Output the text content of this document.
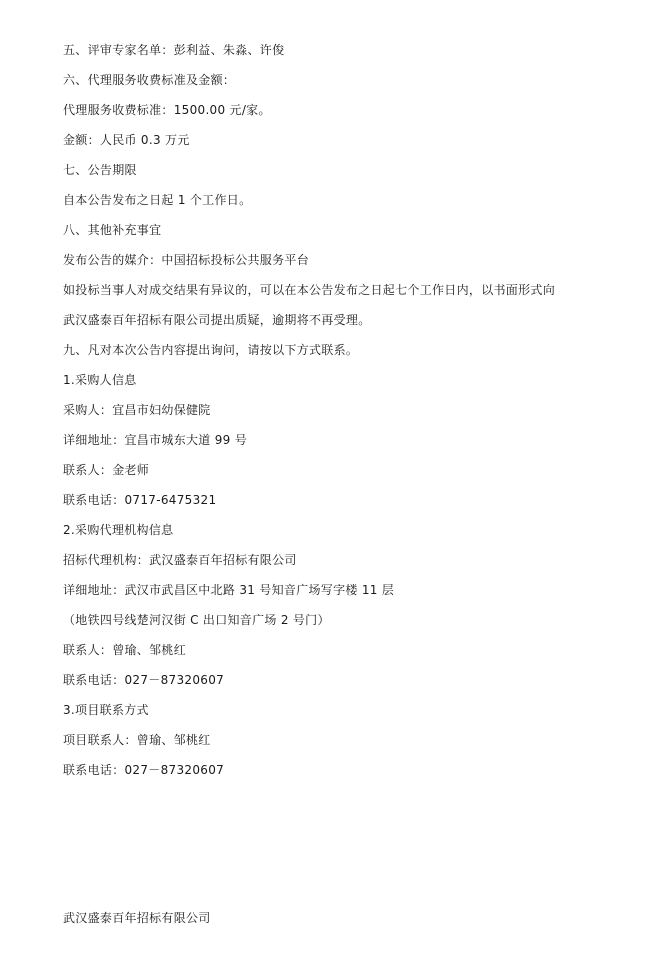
五、评审专家名单：彭利益、朱淼、许俊
六、代理服务收费标准及金额：
代理服务收费标准：1500.00 元/家。
金额：人民币 0.3 万元
七、公告期限
自本公告发布之日起 1 个工作日。
八、其他补充事宜
发布公告的媒介：中国招标投标公共服务平台
如投标当事人对成交结果有异议的，可以在本公告发布之日起七个工作日内，以书面形式向
武汉盛泰百年招标有限公司提出质疑，逾期将不再受理。
九、凡对本次公告内容提出询问，请按以下方式联系。
1.采购人信息
采购人：宜昌市妇幼保健院
详细地址：宜昌市城东大道 99 号
联系人：金老师
联系电话：0717-6475321
2.采购代理机构信息
招标代理机构：武汉盛泰百年招标有限公司
详细地址：武汉市武昌区中北路 31 号知音广场写字楼 11 层
（地铁四号线楚河汉街 C 出口知音广场 2 号门）
联系人：曾瑜、邹桃红
联系电话：027－87320607
3.项目联系方式
项目联系人：曾瑜、邹桃红
联系电话：027－87320607
武汉盛泰百年招标有限公司
